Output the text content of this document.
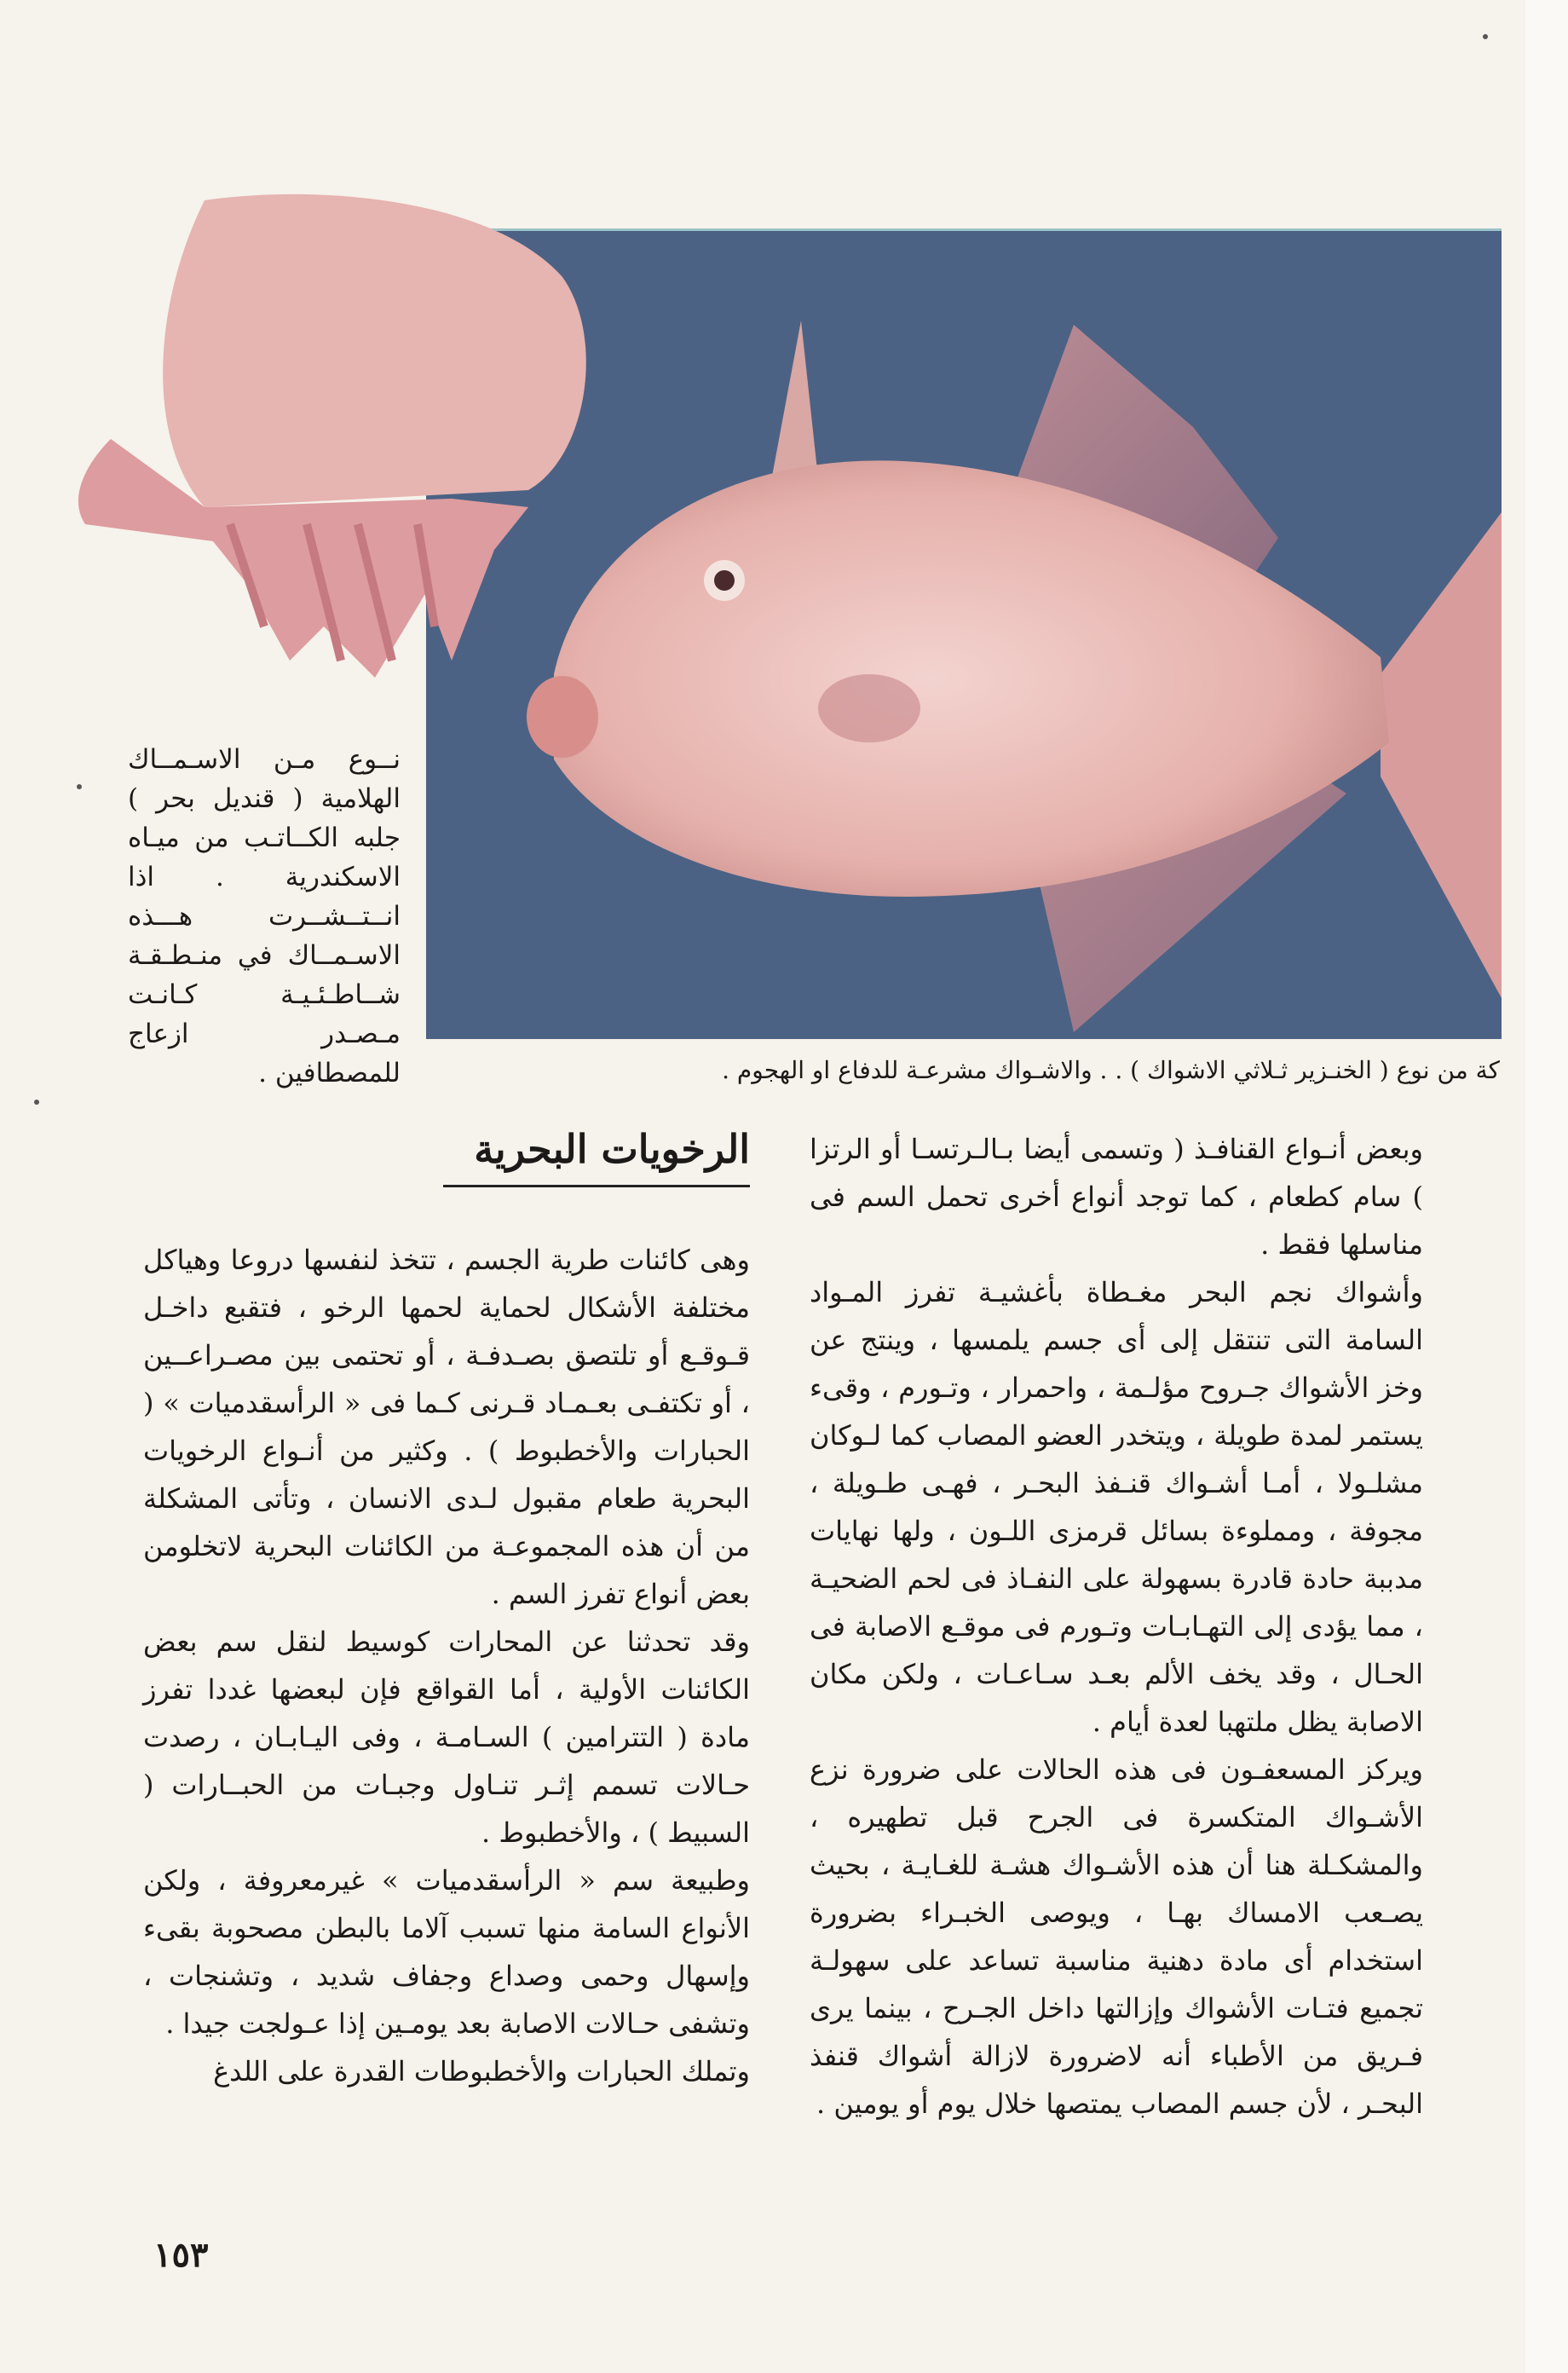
نــوع مـن الاسـمــاك الهلامية ( قنديل بحر ) جلبه الكــاتـب من ميـاه الاسكندرية . اذا انــتــشــرت هـــذه الاسـمــاك في منـطـقـة شــاطـئـيـة كـانـت مـصـدر ازعاج للمصطافين .	كة من نوع ( الخنـزير ثـلاثي الاشواك ) . . والاشـواك مشرعـة للدفاع او الهجوم .
الرخويات البحرية وبعض أنـواع القنافـذ ( وتسمى أيضا بـالـرتسـا أو الرتزا ) سام كطعام ، كما توجد أنواع أخرى تحمل السم فى مناسلها فقط .

وأشواك نجم البحر مغـطاة بأغشيـة تفرز المـواد السامة التى تنتقل إلى أى جسم يلمسها ، وينتج عن وخز الأشواك جـروح مؤلـمة ، واحمرار ، وتـورم ، وقىء يستمر لمدة طويلة ، ويتخدر العضو المصاب كما لـوكان مشلـولا ، أمـا أشـواك قنـفذ البحـر ، فهـى طـويلة ، مجوفة ، ومملوءة بسائل قرمزى اللـون ، ولها نهايات مدببة حادة قادرة بسهولة على النفـاذ فى لحم الضحيـة ، مما يؤدى إلى التهـابـات وتـورم فى موقـع الاصابة فى الحـال ، وقد يخف الألم بعـد سـاعـات ، ولكن مكان الاصابة يظل ملتهبا لعدة أيام .

ويركز المسعفـون فى هذه الحالات على ضرورة نزع الأشـواك المتكسرة فى الجرح قبل تطهيره ، والمشكـلة هنا أن هذه الأشـواك هشـة للغـايـة ، بحيث يصـعب الامساك بهـا ، ويوصى الخبـراء بضرورة استخدام أى مادة دهنية مناسبة تساعد على سهولـة تجميع فتـات الأشواك وإزالتها داخل الجـرح ، بينما يرى فـريق من الأطباء أنه لاضرورة لازالة أشواك قنفذ البحـر ، لأن جسم المصاب يمتصها خلال يوم أو يومين .

وهى كائنات طرية الجسم ، تتخذ لنفسها دروعا وهياكل مختلفة الأشكال لحماية لحمها الرخو ، فتقبع داخـل قـوقـع أو تلتصق بصـدفـة ، أو تحتمى بين مصـراعــين ، أو تكتفـى بعـمـاد قـرنى كـما فى « الرأسقدميات » ( الحبارات والأخطبوط ) . وكثير من أنـواع الرخويات البحرية طعام مقبول لـدى الانسان ، وتأتى المشكلة من أن هذه المجموعـة من الكائنات البحرية لاتخلومن بعض أنواع تفرز السم .

وقد تحدثنا عن المحارات كوسيط لنقل سم بعض الكائنات الأولية ، أما القواقع فإن لبعضها غددا تفرز مادة ( التترامين ) السـامـة ، وفى اليـابـان ، رصدت حـالات تسمم إثـر تنـاول وجبـات من الحبــارات ( السبيط ) ، والأخطبوط .

وطبيعة سم « الرأسقدميات » غيرمعروفة ، ولكن الأنواع السامة منها تسبب آلاما بالبطن مصحوبة بقىء وإسهال وحمى وصداع وجفاف شديد ، وتشنجات ، وتشفى حـالات الاصابة بعد يومـين إذا عـولجت جيدا .

وتملك الحبارات والأخطبوطات القدرة على اللدغ

١٥٣
